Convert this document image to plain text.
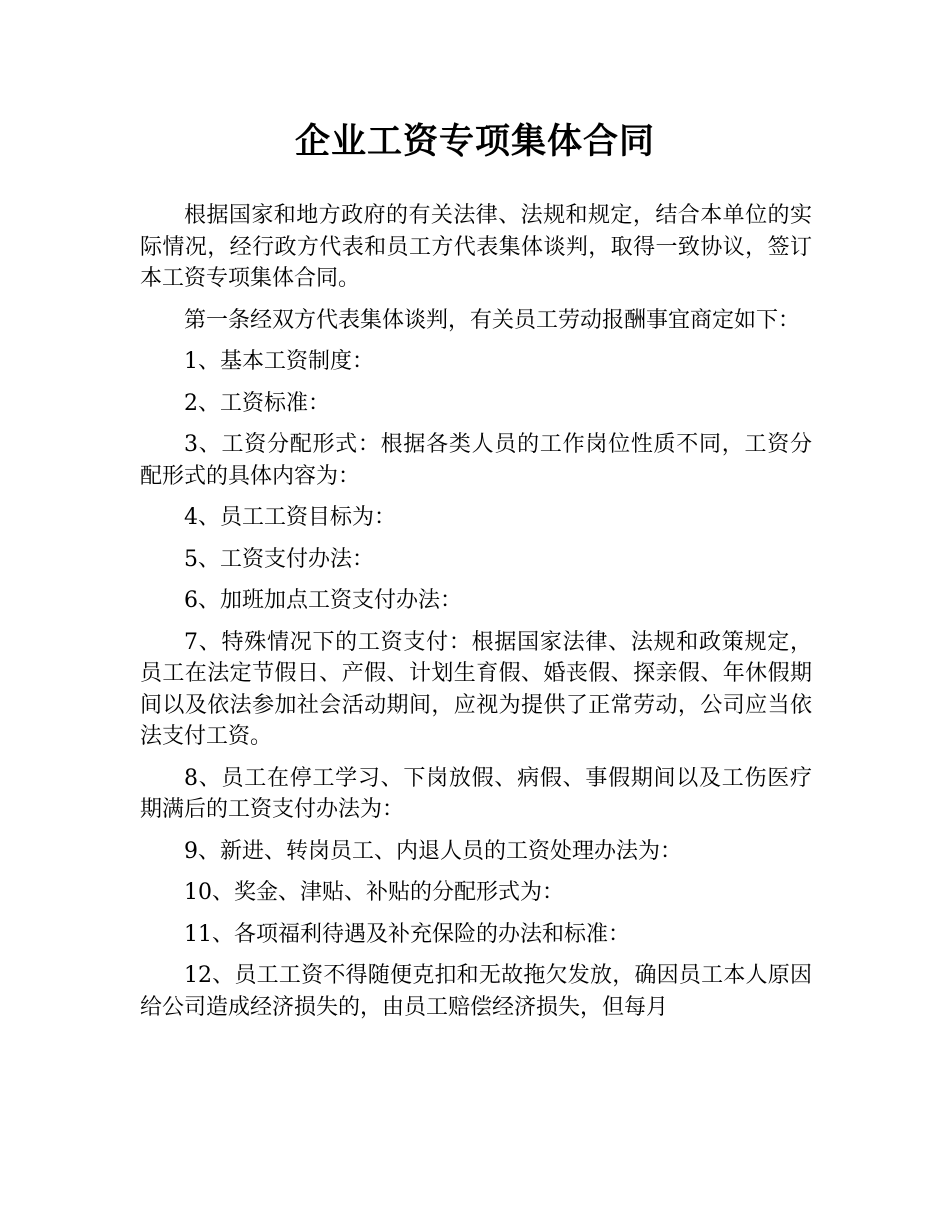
企业工资专项集体合同

根据国家和地方政府的有关法律、法规和规定，结合本单位的实际情况，经行政方代表和员工方代表集体谈判，取得一致协议，签订本工资专项集体合同。

第一条经双方代表集体谈判，有关员工劳动报酬事宜商定如下：

1、基本工资制度：

2、工资标准：

3、工资分配形式：根据各类人员的工作岗位性质不同，工资分配形式的具体内容为：

4、员工工资目标为：

5、工资支付办法：

6、加班加点工资支付办法：

7、特殊情况下的工资支付：根据国家法律、法规和政策规定，员工在法定节假日、产假、计划生育假、婚丧假、探亲假、年休假期间以及依法参加社会活动期间，应视为提供了正常劳动，公司应当依法支付工资。

8、员工在停工学习、下岗放假、病假、事假期间以及工伤医疗期满后的工资支付办法为：

9、新进、转岗员工、内退人员的工资处理办法为：

10、奖金、津贴、补贴的分配形式为：

11、各项福利待遇及补充保险的办法和标准：

12、员工工资不得随便克扣和无故拖欠发放，确因员工本人原因给公司造成经济损失的，由员工赔偿经济损失，但每月
